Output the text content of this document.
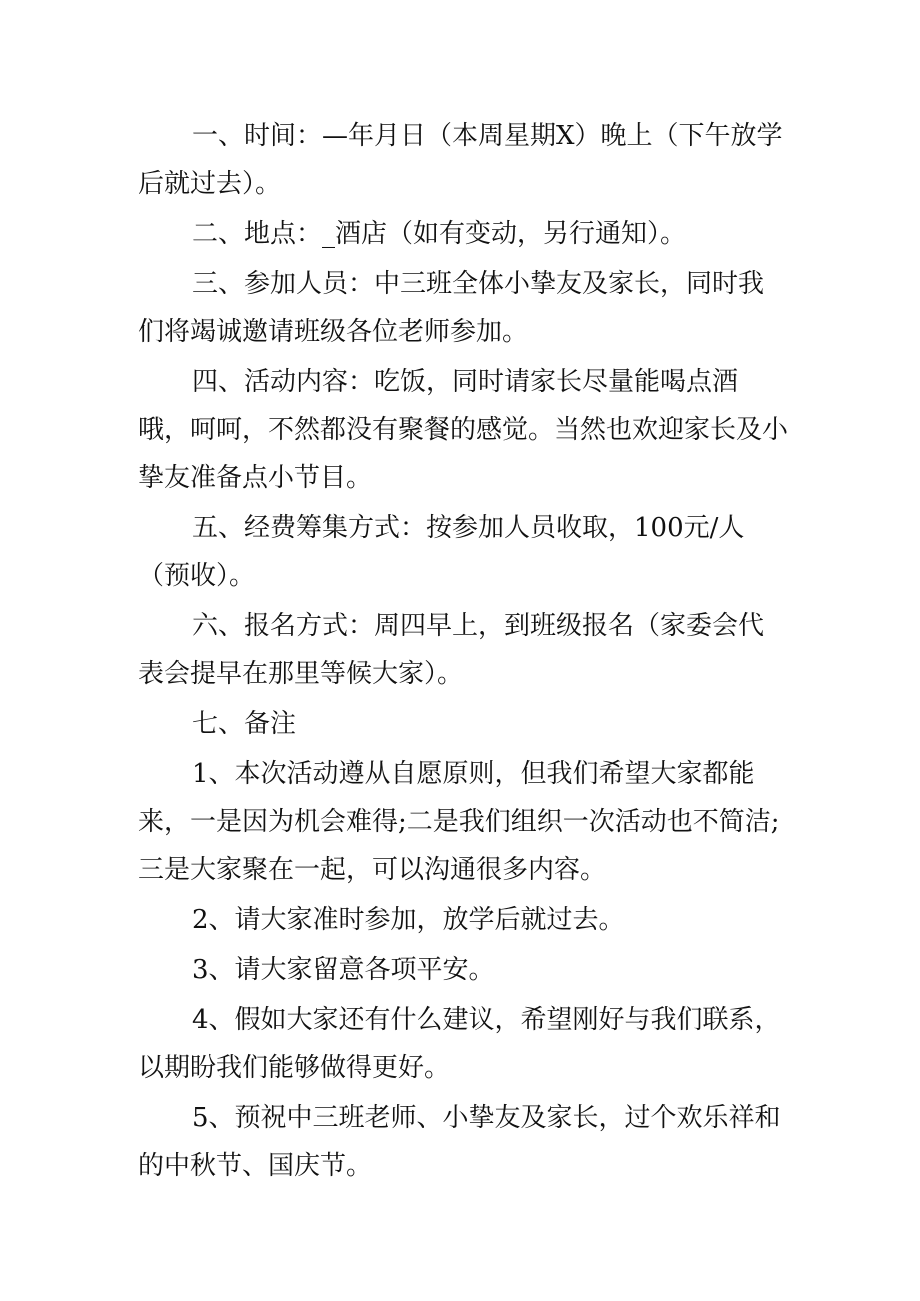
一、时间：—年月日（本周星期X）晚上（下午放学后就过去）。

二、地点：_酒店（如有变动，另行通知）。

三、参加人员：中三班全体小挚友及家长，同时我们将竭诚邀请班级各位老师参加。

四、活动内容：吃饭，同时请家长尽量能喝点酒哦，呵呵，不然都没有聚餐的感觉。当然也欢迎家长及小挚友准备点小节目。

五、经费筹集方式：按参加人员收取，100元/人（预收）。

六、报名方式：周四早上，到班级报名（家委会代表会提早在那里等候大家）。

七、备注

1、本次活动遵从自愿原则，但我们希望大家都能来，一是因为机会难得;二是我们组织一次活动也不简洁;三是大家聚在一起，可以沟通很多内容。

2、请大家准时参加，放学后就过去。

3、请大家留意各项平安。

4、假如大家还有什么建议，希望刚好与我们联系，以期盼我们能够做得更好。

5、预祝中三班老师、小挚友及家长，过个欢乐祥和的中秋节、国庆节。
